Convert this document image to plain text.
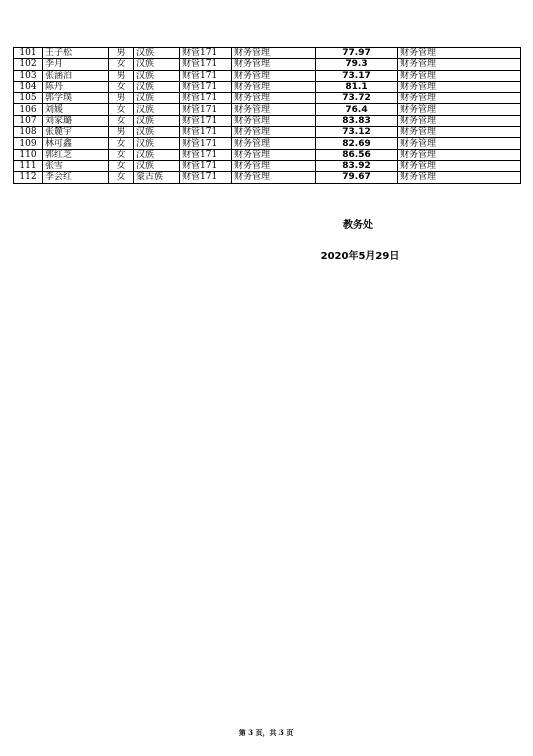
101	王子松	男	汉族	财管171	财务管理	77.97	财务管理
102	李月	女	汉族	财管171	财务管理	79.3	财务管理
103	张涵泊	男	汉族	财管171	财务管理	73.17	财务管理
104	陈丹	女	汉族	财管171	财务管理	81.1	财务管理
105	郭学璞	男	汉族	财管171	财务管理	73.72	财务管理
106	刘媛	女	汉族	财管171	财务管理	76.4	财务管理
107	刘家璐	女	汉族	财管171	财务管理	83.83	财务管理
108	张麓宇	男	汉族	财管171	财务管理	73.12	财务管理
109	林可鑫	女	汉族	财管171	财务管理	82.69	财务管理
110	郭红芝	女	汉族	财管171	财务管理	86.56	财务管理
111	张雪	女	汉族	财管171	财务管理	83.92	财务管理
112	李会红	女	蒙古族	财管171	财务管理	79.67	财务管理
教务处
2020年5月29日
第 3 页，共 3 页
